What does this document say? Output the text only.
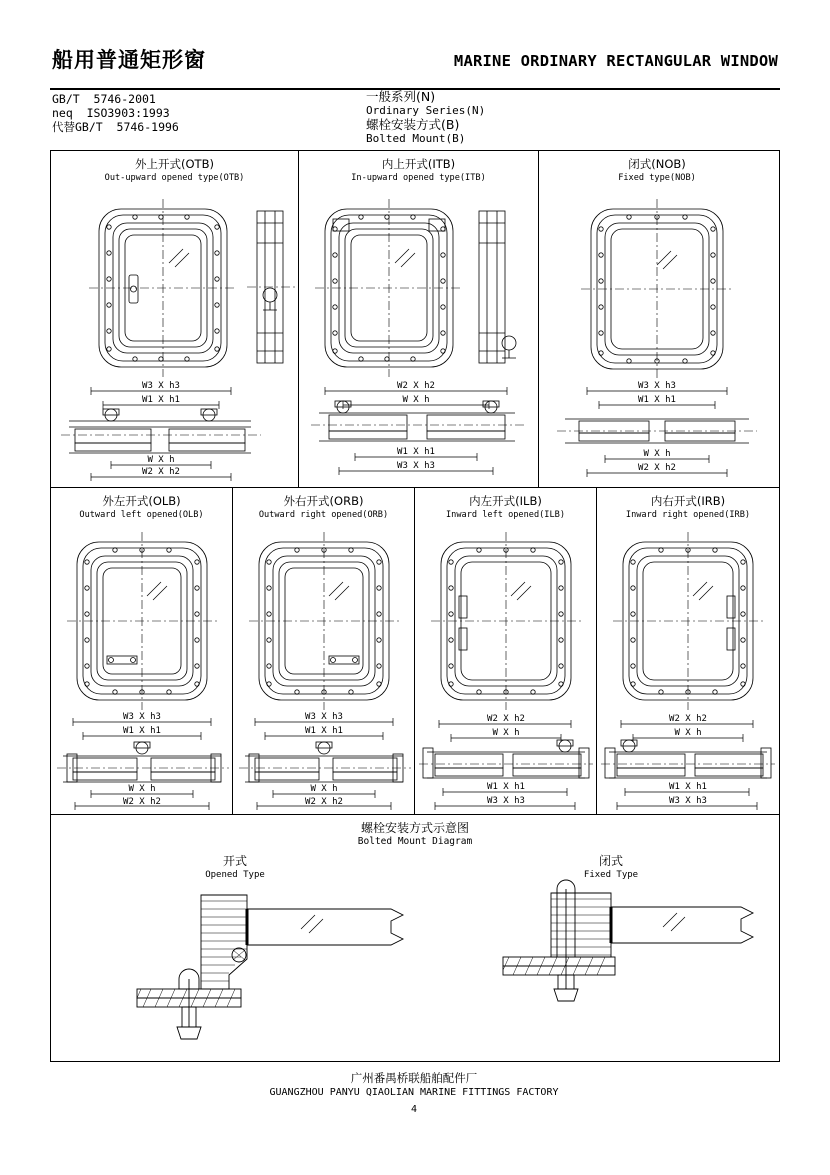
船用普通矩形窗	MARINE ORDINARY RECTANGULAR WINDOW
GB/T  5746-2001
neq  ISO3903:1993
代替GB/T  5746-1996
一般系列(N)
Ordinary Series(N)
螺栓安装方式(B)
Bolted Mount(B)
外上开式(OTB)
Out-upward opened type(OTB)
W3 X h3
W1 X h1
W X h
W2 X h2
内上开式(ITB)
In-upward opened type(ITB)
W2 X h2
W X h
W1 X h1
W3 X h3
闭式(NOB)
Fixed type(NOB)
W3 X h3
W1 X h1
W X h
W2 X h2
外左开式(OLB)
Outward left opened(OLB)
W3 X h3
W1 X h1
W X h
W2 X h2
外右开式(ORB)
Outward right opened(ORB)
W3 X h3
W1 X h1
W X h
W2 X h2
内左开式(ILB)
Inward left opened(ILB)
W2 X h2
W X h
W1 X h1
W3 X h3
内右开式(IRB)
Inward right opened(IRB)
W2 X h2
W X h
W1 X h1
W3 X h3
螺栓安装方式示意图
Bolted Mount Diagram
开式
Opened Type
闭式
Fixed Type
广州番禺桥联船舶配件厂
GUANGZHOU PANYU QIAOLIAN MARINE FITTINGS FACTORY
4
